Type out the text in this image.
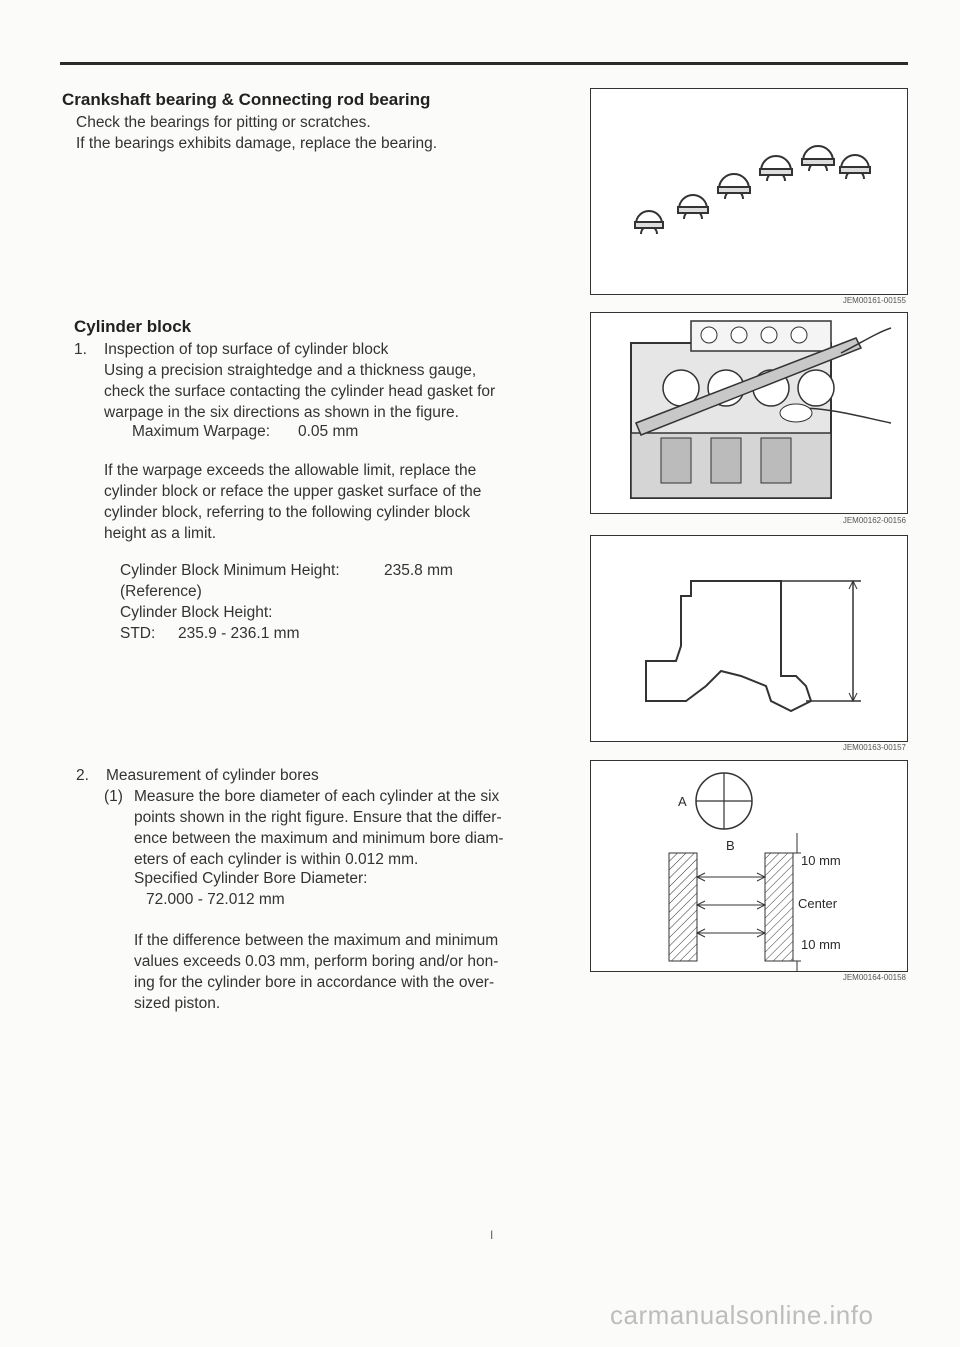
Crankshaft bearing & Connecting rod bearing
Check the bearings for pitting or scratches.
If the bearings exhibits damage, replace the bearing.
JEM00161-00155
Cylinder block
1. Inspection of top surface of cylinder block
Using a precision straightedge and a thickness gauge,
check the surface contacting the cylinder head gasket for
warpage in the six directions as shown in the figure.
Maximum Warpage: 0.05 mm
If the warpage exceeds the allowable limit, replace the
cylinder block or reface the upper gasket surface of the
cylinder block, referring to the following cylinder block
height as a limit.
Cylinder Block Minimum Height:	235.8 mm
(Reference)
Cylinder Block Height:
STD: 235.9 - 236.1 mm
JEM00162-00156
JEM00163-00157
2. Measurement of cylinder bores
(1) Measure the bore diameter of each cylinder at the six
points shown in the right figure. Ensure that the differ-
ence between the maximum and minimum bore diam-
eters of each cylinder is within 0.012 mm.
Specified Cylinder Bore Diameter:
72.000 - 72.012 mm
If the difference between the maximum and minimum
values exceeds 0.03 mm, perform boring and/or hon-
ing for the cylinder bore in accordance with the over-
sized piston.
A
B
10 mm
Center
10 mm
JEM00164-00158
I
carmanualsonline.info
